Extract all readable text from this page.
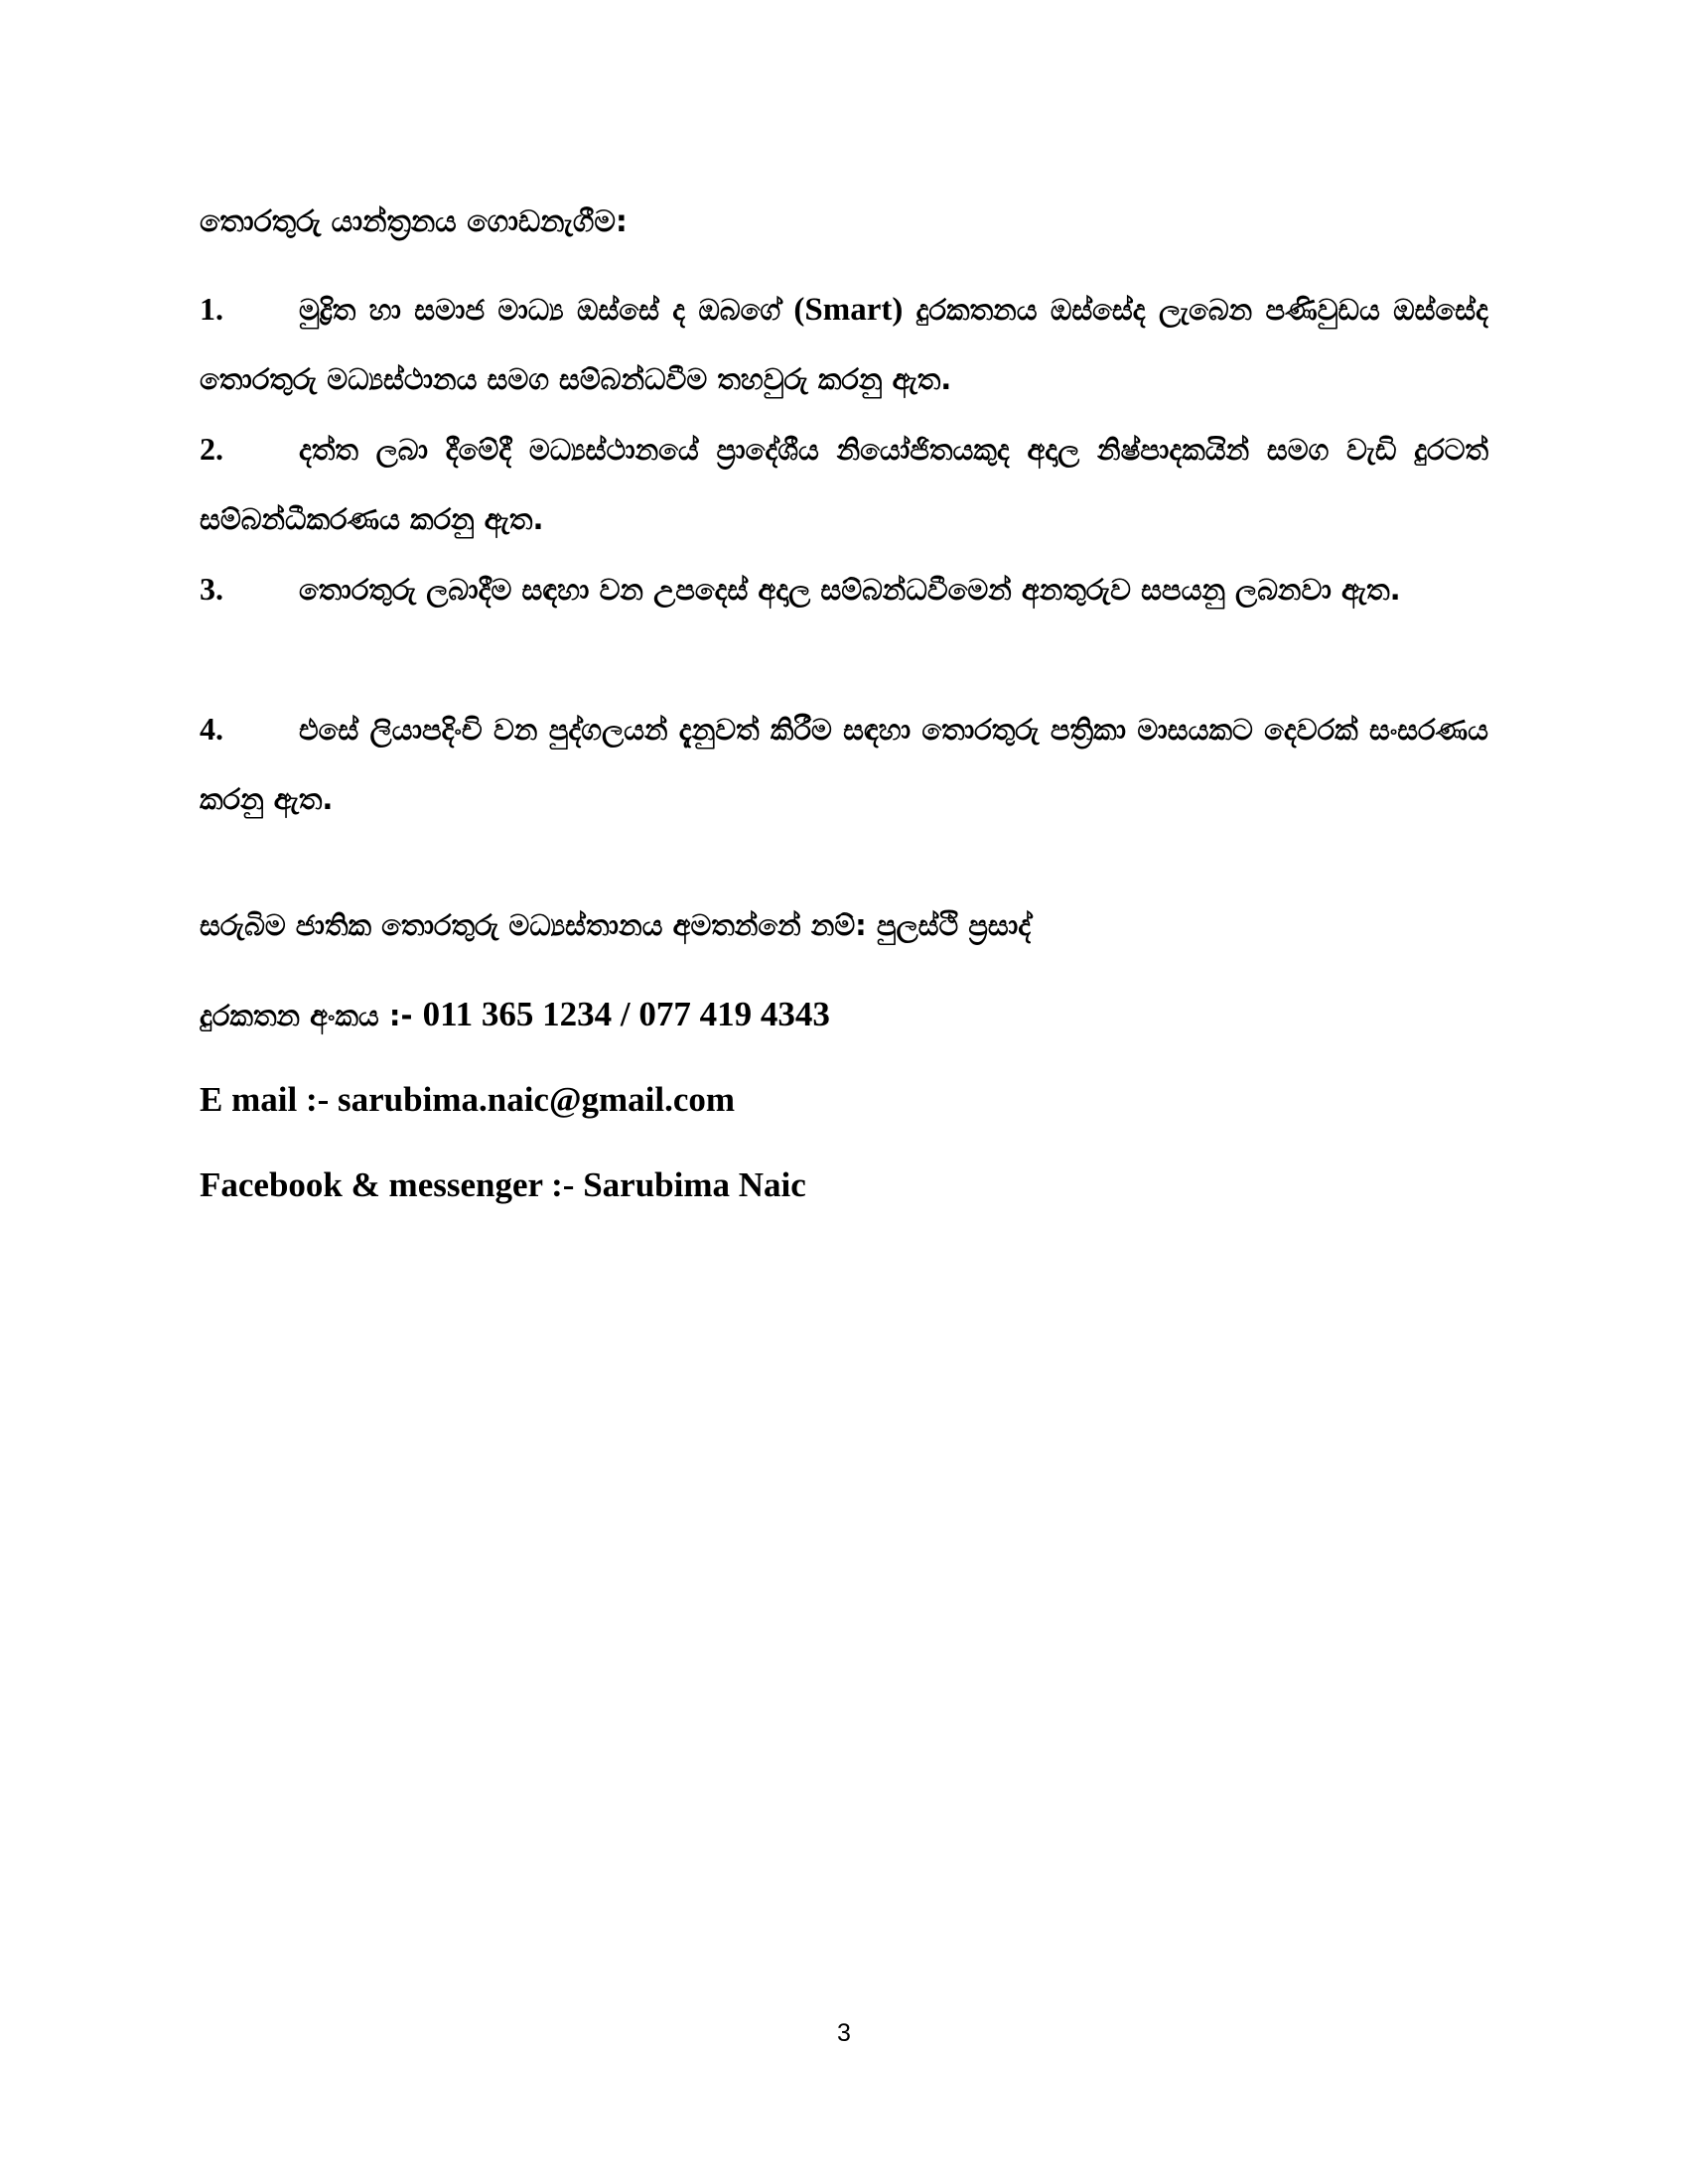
තොරතුරු යාන්ත්‍රනය ගොඩනැගීම:
1.	මුද්‍රිත හා සමාජ මාධ්‍ය ඔස්සේ ද ඔබගේ (Smart) දුරකතනය ඔස්සේද ලැබෙන පණිවුඩය ඔස්සේද තොරතුරු මධ්‍යස්ථානය සමග සම්බන්ධවීම තහවුරු කරනු ඇත.
2.	දත්ත ලබා දීමේදී මධ්‍යස්ථානයේ ප්‍රාදේශීය නියෝජිතයකුද අදාල නිෂ්පාදකයින් සමග වැඩි දුරටත් සම්බන්ධීකරණය කරනු ඇත.
3.	තොරතුරු ලබාදීම සඳහා වන උපදෙස් අදාල සම්බන්ධවීමෙන් අනතුරුව සපයනු ලබනවා ඇත.
4.	එසේ ලියාපදිංචි වන පුද්ගලයන් දැනුවත් කිරීම සඳහා තොරතුරු පත්‍රිකා මාසයකට දෙවරක් සංසරණය කරනු ඇත.
සරුබිම ජාතික තොරතුරු මධ්‍යස්තානය අමතන්නේ නම්: පුලස්ථි ප්‍රසාද්
දුරකතන අංකය :- 011 365 1234 / 077 419 4343
E mail :- sarubima.naic@gmail.com
Facebook & messenger :- Sarubima Naic
3
